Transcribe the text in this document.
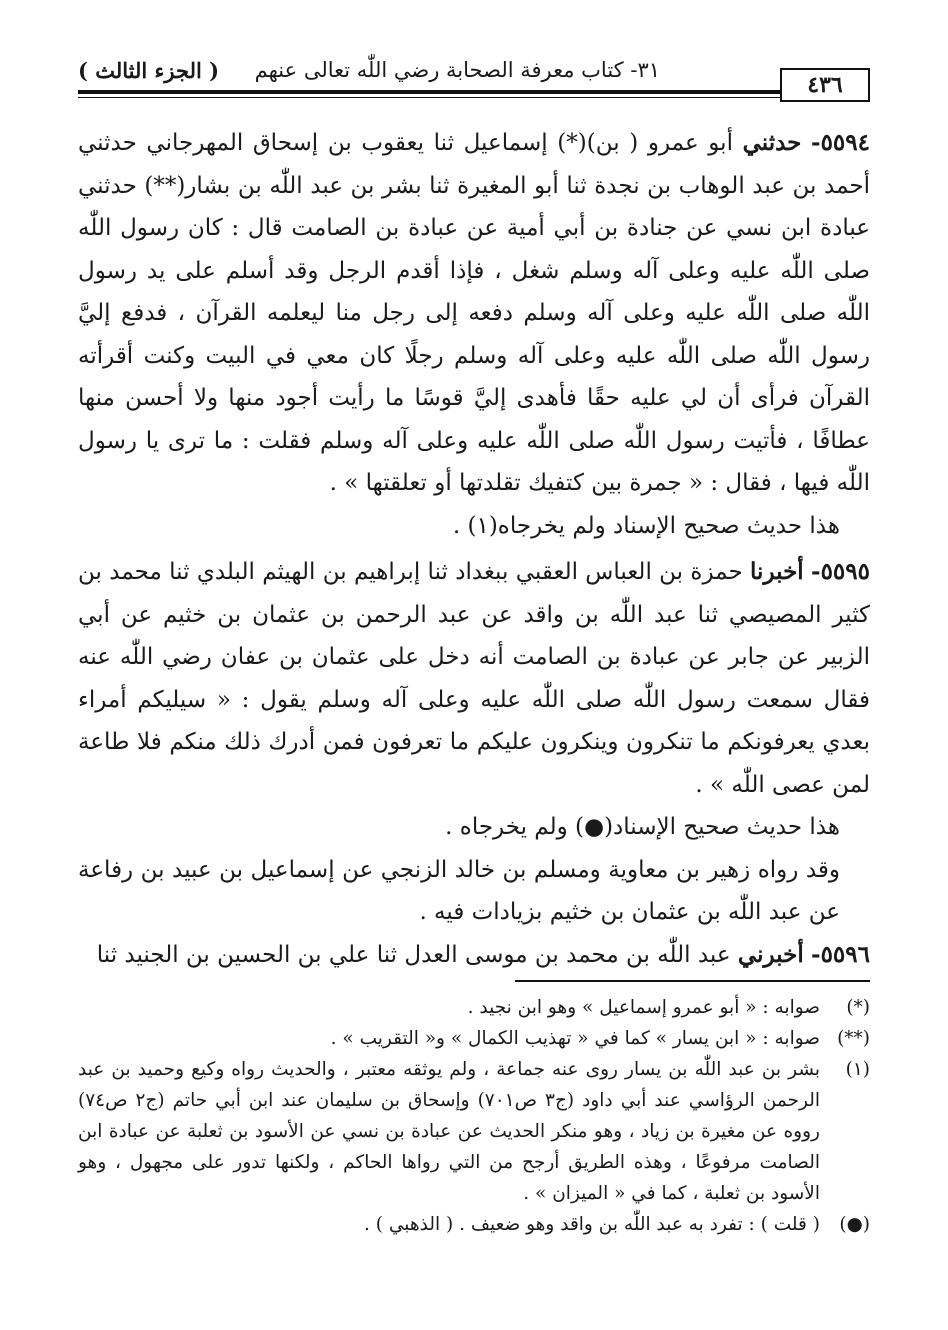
٣١- كتاب معرفة الصحابة رضي اللّٰه تعالى عنهم
( الجزء الثالث )
٤٣٦

٥٥٩٤- حدثني أبو عمرو ( بن)(*) إسماعيل ثنا يعقوب بن إسحاق المهرجاني حدثني أحمد بن عبد الوهاب بن نجدة ثنا أبو المغيرة ثنا بشر بن عبد اللّٰه بن بشار(**) حدثني عبادة ابن نسي عن جنادة بن أبي أمية عن عبادة بن الصامت قال : كان رسول اللّٰه صلى اللّٰه عليه وعلى آله وسلم شغل ، فإذا أقدم الرجل وقد أسلم على يد رسول اللّٰه صلى اللّٰه عليه وعلى آله وسلم دفعه إلى رجل منا ليعلمه القرآن ، فدفع إليَّ رسول اللّٰه صلى اللّٰه عليه وعلى آله وسلم رجلًا كان معي في البيت وكنت أقرأته القرآن فرأى أن لي عليه حقًا فأهدى إليَّ قوسًا ما رأيت أجود منها ولا أحسن منها عطافًا ، فأتيت رسول اللّٰه صلى اللّٰه عليه وعلى آله وسلم فقلت : ما ترى يا رسول اللّٰه فيها ، فقال : « جمرة بين كتفيك تقلدتها أو تعلقتها » .

هذا حديث صحيح الإسناد ولم يخرجاه(١) .

٥٥٩٥- أخبرنا حمزة بن العباس العقبي ببغداد ثنا إبراهيم بن الهيثم البلدي ثنا محمد بن كثير المصيصي ثنا عبد اللّٰه بن واقد عن عبد الرحمن بن عثمان بن خثيم عن أبي الزبير عن جابر عن عبادة بن الصامت أنه دخل على عثمان بن عفان رضي اللّٰه عنه فقال سمعت رسول اللّٰه صلى اللّٰه عليه وعلى آله وسلم يقول : « سيليكم أمراء بعدي يعرفونكم ما تنكرون وينكرون عليكم ما تعرفون فمن أدرك ذلك منكم فلا طاعة لمن عصى اللّٰه » .

هذا حديث صحيح الإسناد(●) ولم يخرجاه .

وقد رواه زهير بن معاوية ومسلم بن خالد الزنجي عن إسماعيل بن عبيد بن رفاعة عن عبد اللّٰه بن عثمان بن خثيم بزيادات فيه .

٥٥٩٦- أخبرني عبد اللّٰه بن محمد بن موسى العدل ثنا علي بن الحسين بن الجنيد ثنا

(*)
صوابه : « أبو عمرو إسماعيل » وهو ابن نجيد .
(**)
صوابه : « ابن يسار » كما في « تهذيب الكمال » و« التقريب » .
(١)
بشر بن عبد اللّٰه بن يسار روى عنه جماعة ، ولم يوثقه معتبر ، والحديث رواه وكيع وحميد بن عبد الرحمن الرؤاسي عند أبي داود (ج٣ ص٧٠١) وإسحاق بن سليمان عند ابن أبي حاتم (ج٢ ص٧٤) رووه عن مغيرة بن زياد ، وهو منكر الحديث عن عبادة بن نسي عن الأسود بن ثعلبة عن عبادة ابن الصامت مرفوعًا ، وهذه الطريق أرجح من التي رواها الحاكم ، ولكنها تدور على مجهول ، وهو الأسود بن ثعلبة ، كما في « الميزان » .
(●)
( قلت ) : تفرد به عبد اللّٰه بن واقد وهو ضعيف . ( الذهبي ) .
